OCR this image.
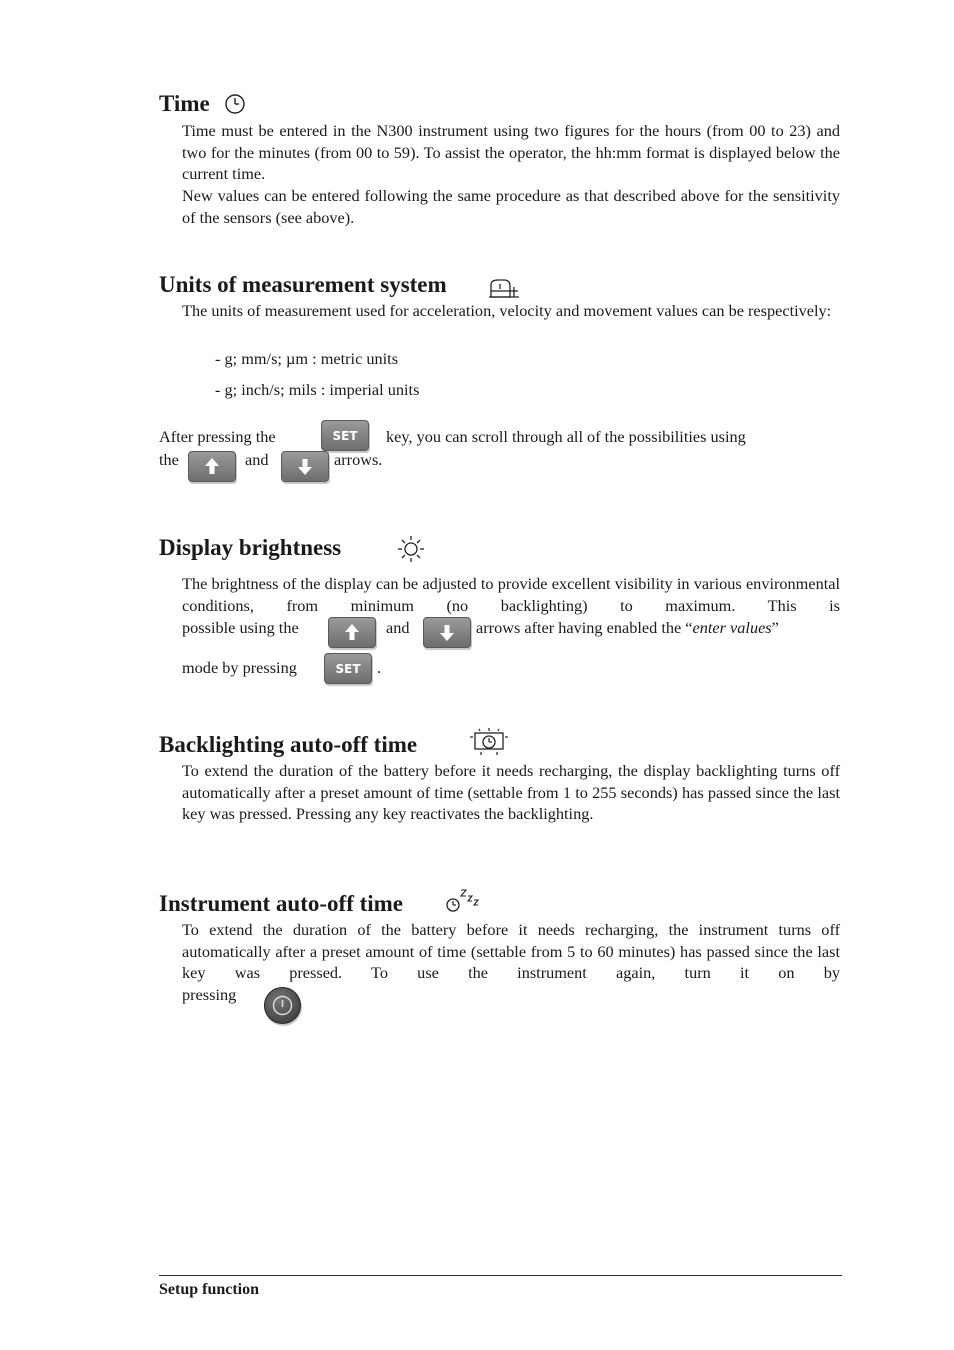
Time

Time must be entered in the N300 instrument using two figures for the hours (from 00 to 23) and two for the minutes (from 00 to 59). To assist the operator, the hh:mm format is displayed below the current time.

New values can be entered following the same procedure as that described above for the sensitivity of the sensors (see above).

Units of measurement system

The units of measurement used for acceleration, velocity and movement values can be respectively:

- g; mm/s; µm : metric units
- g; inch/s; mils : imperial units
After pressing the	SET key, you can scroll through all of the possibilities using
the	and	arrows.
Display brightness

The brightness of the display can be adjusted to provide excellent visibility in various environmental conditions, from minimum (no backlighting) to maximum. This is

possible using the	and	arrows after having enabled the “enter values”
mode by pressing	SET .
Backlighting auto-off time

To extend the duration of the battery before it needs recharging, the display backlighting turns off automatically after a preset amount of time (settable from 1 to 255 seconds) has passed since the last key was pressed. Pressing any key reactivates the backlighting.

Instrument auto-off time

To extend the duration of the battery before it needs recharging, the instrument turns off automatically after a preset amount of time (settable from 5 to 60 minutes) has passed since the last key was pressed. To use the instrument again, turn it on by

pressing
Setup function
